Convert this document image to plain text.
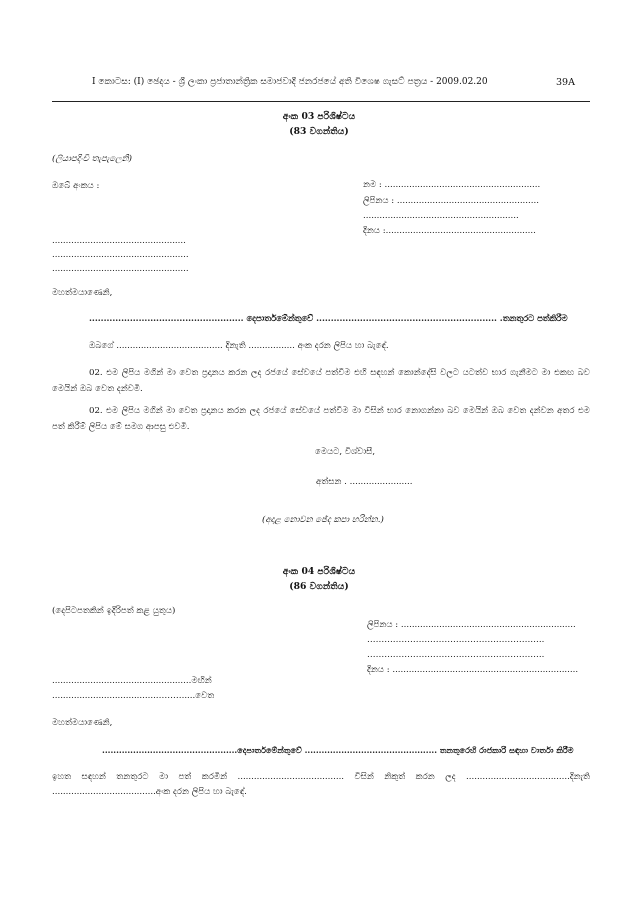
I කොටස: (I) ඡෙදය - ශ්‍රී ලංකා ප්‍රජාතාන්ත්‍රික සමාජවාදී ජනරජයේ අති විශෙෂ ගැසට් පත්‍රය - 2009.02.20	39A
අංක 03 පරිශිෂ්ටය
(83 වගන්තිය)
(ලියාපදිංචි තැපැලෙනි)
ඔබේ අංකය :	නම : .........................................................
ලිපිනය : ....................................................
.........................................................
දිනය :.......................................................
.................................................
..................................................
..................................................
මහත්මයාණෙනි,
..................................................... දෙපාර්තමේන්තුවේ .............................................................. .තනතුරට පත්කිරීම
ඔබගේ ....................................... දිනැති ................. අංක දරන ලිපිය හා බැඳේ.
02. එම ලිපිය මගින් මා වෙත ප්‍රදානය කරන ලද රජයේ සේවයේ පත්වීම එහි සඳහන් කොන්දේසි වලට යටත්ව භාර ගැනීමට මා එකඟ බව මෙයින් ඔබ වෙත දන්වමි.
02. එම ලිපිය මගින් මා වෙත ප්‍රදානය කරන ලද රජයේ සේවයේ පත්වීම මා විසින් භාර නොගන්නා බව මෙයින් ඔබ වෙත දන්වන අතර එම පත් කිරීම් ලිපිය මේ සමග ආපසු එවමි.
මෙයට, විශ්වාසී,
අත්සන . .......................
(අදාළ නොවන ඡේද කපා හරින්න.)
අංක 04 පරිශිෂ්ටය
(86 වගන්තිය)
(දෙපිටපතකින් ඉදිරිපත් කළ යුතුය)
ලිපිනය : ................................................................
……………………………………………………..
……………………………………………………..
දිනය : ....................................................................
...................................................මඟින්
......................................……….....වෙත
මහත්මයාණෙනි,
................................................දෙපාර්තමේන්තුවේ ............................................... තනතුරෙහි රාජකාරි සඳහා වාර්තා කිරීම
ඉහත සඳහන් තනතුරට මා පත් කරමින් ....................................... විසින් නිකුත් කරන ලද ......................................දිනැති ......................................අංක දරන ලිපිය හා බැඳේ.
